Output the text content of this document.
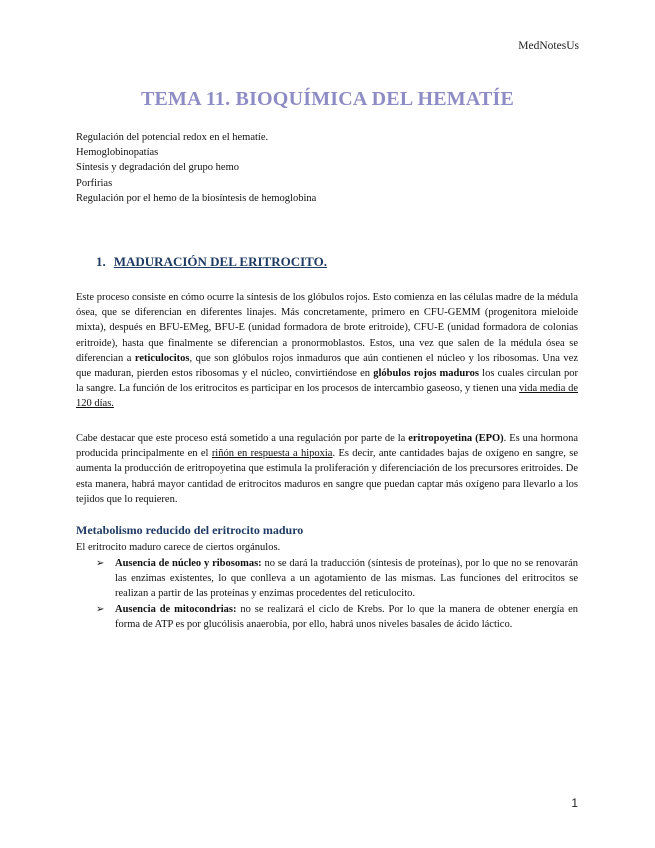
MedNotesUs
TEMA 11. BIOQUÍMICA DEL HEMATÍE
Regulación del potencial redox en el hematíe.
Hemoglobinopatías
Síntesis y degradación del grupo hemo
Porfirias
Regulación por el hemo de la biosíntesis de hemoglobina
1. MADURACIÓN DEL ERITROCITO.

Este proceso consiste en cómo ocurre la síntesis de los glóbulos rojos. Esto comienza en las células madre de la médula ósea, que se diferencian en diferentes linajes. Más concretamente, primero en CFU-GEMM (progenitora mieloide mixta), después en BFU-EMeg, BFU-E (unidad formadora de brote eritroide), CFU-E (unidad formadora de colonias eritroide), hasta que finalmente se diferencian a pronormoblastos. Estos, una vez que salen de la médula ósea se diferencian a reticulocitos, que son glóbulos rojos inmaduros que aún contienen el núcleo y los ribosomas. Una vez que maduran, pierden estos ribosomas y el núcleo, convirtiéndose en glóbulos rojos maduros los cuales circulan por la sangre. La función de los eritrocitos es participar en los procesos de intercambio gaseoso, y tienen una vida media de 120 días.

Cabe destacar que este proceso está sometido a una regulación por parte de la eritropoyetina (EPO). Es una hormona producida principalmente en el riñón en respuesta a hipoxia. Es decir, ante cantidades bajas de oxígeno en sangre, se aumenta la producción de eritropoyetina que estimula la proliferación y diferenciación de los precursores eritroides. De esta manera, habrá mayor cantidad de eritrocitos maduros en sangre que puedan captar más oxígeno para llevarlo a los tejidos que lo requieren.

Metabolismo reducido del eritrocito maduro

El eritrocito maduro carece de ciertos orgánulos.

➢ Ausencia de núcleo y ribosomas: no se dará la traducción (síntesis de proteínas), por lo que no se renovarán las enzimas existentes, lo que conlleva a un agotamiento de las mismas. Las funciones del eritrocitos se realizan a partir de las proteínas y enzimas procedentes del reticulocito.
➢ Ausencia de mitocondrias: no se realizará el ciclo de Krebs. Por lo que la manera de obtener energía en forma de ATP es por glucólisis anaerobia, por ello, habrá unos niveles basales de ácido láctico.
1
